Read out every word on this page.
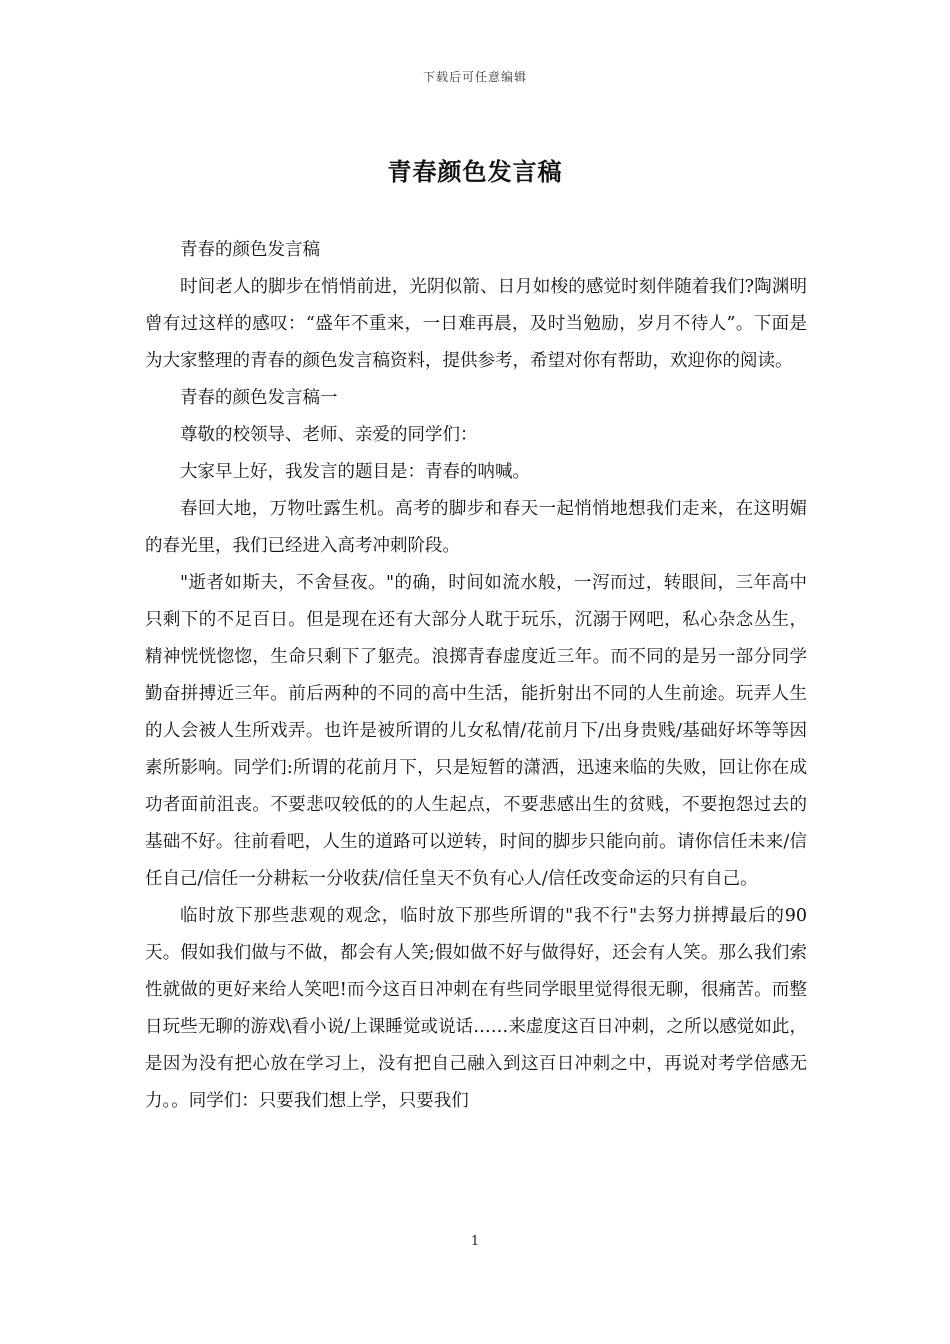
下载后可任意编辑
青春颜色发言稿

青春的颜色发言稿

时间老人的脚步在悄悄前进，光阴似箭、日月如梭的感觉时刻伴随着我们?陶渊明曾有过这样的感叹：“盛年不重来，一日难再晨，及时当勉励，岁月不待人”。下面是为大家整理的青春的颜色发言稿资料，提供参考，希望对你有帮助，欢迎你的阅读。

青春的颜色发言稿一

尊敬的校领导、老师、亲爱的同学们：

大家早上好，我发言的题目是：青春的呐喊。

春回大地，万物吐露生机。高考的脚步和春天一起悄悄地想我们走来，在这明媚的春光里，我们已经进入高考冲刺阶段。

"逝者如斯夫，不舍昼夜。"的确，时间如流水般，一泻而过，转眼间，三年高中只剩下的不足百日。但是现在还有大部分人耽于玩乐，沉溺于网吧，私心杂念丛生，精神恍恍惚惚，生命只剩下了躯壳。浪掷青春虚度近三年。而不同的是另一部分同学勤奋拼搏近三年。前后两种的不同的高中生活，能折射出不同的人生前途。玩弄人生的人会被人生所戏弄。也许是被所谓的儿女私情/花前月下/出身贵贱/基础好坏等等因素所影响。同学们:所谓的花前月下，只是短暂的潇洒，迅速来临的失败，回让你在成功者面前沮丧。不要悲叹较低的的人生起点，不要悲感出生的贫贱，不要抱怨过去的基础不好。往前看吧，人生的道路可以逆转，时间的脚步只能向前。请你信任未来/信任自己/信任一分耕耘一分收获/信任皇天不负有心人/信任改变命运的只有自己。

临时放下那些悲观的观念，临时放下那些所谓的"我不行"去努力拼搏最后的90天。假如我们做与不做，都会有人笑;假如做不好与做得好，还会有人笑。那么我们索性就做的更好来给人笑吧!而今这百日冲刺在有些同学眼里觉得很无聊，很痛苦。而整日玩些无聊的游戏\看小说/上课睡觉或说话……来虚度这百日冲刺，之所以感觉如此，是因为没有把心放在学习上，没有把自己融入到这百日冲刺之中，再说对考学倍感无力。。同学们：只要我们想上学，只要我们

1
